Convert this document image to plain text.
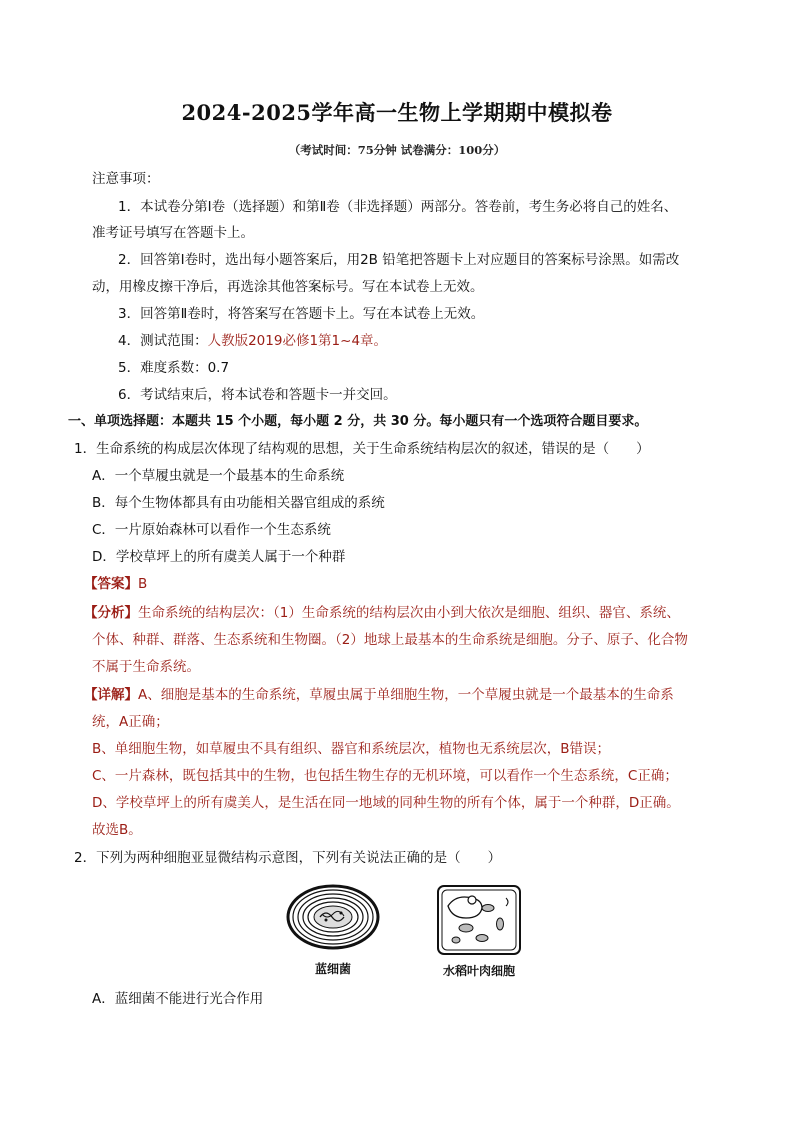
2024-2025学年高一生物上学期期中模拟卷
（考试时间：75分钟 试卷满分：100分）
注意事项：
1．本试卷分第Ⅰ卷（选择题）和第Ⅱ卷（非选择题）两部分。答卷前，考生务必将自己的姓名、
准考证号填写在答题卡上。
2．回答第Ⅰ卷时，选出每小题答案后，用2B 铅笔把答题卡上对应题目的答案标号涂黑。如需改
动，用橡皮擦干净后，再选涂其他答案标号。写在本试卷上无效。
3．回答第Ⅱ卷时，将答案写在答题卡上。写在本试卷上无效。
4．测试范围：人教版2019必修1第1~4章。
5．难度系数：0.7
6．考试结束后，将本试卷和答题卡一并交回。
一、单项选择题：本题共 15 个小题，每小题 2 分，共 30 分。每小题只有一个选项符合题目要求。
1．生命系统的构成层次体现了结构观的思想，关于生命系统结构层次的叙述，错误的是（　　）
A．一个草履虫就是一个最基本的生命系统
B．每个生物体都具有由功能相关器官组成的系统
C．一片原始森林可以看作一个生态系统
D．学校草坪上的所有虞美人属于一个种群
【答案】B
【分析】生命系统的结构层次：（1）生命系统的结构层次由小到大依次是细胞、组织、器官、系统、
个体、种群、群落、生态系统和生物圈。（2）地球上最基本的生命系统是细胞。分子、原子、化合物
不属于生命系统。
【详解】A、细胞是基本的生命系统，草履虫属于单细胞生物，一个草履虫就是一个最基本的生命系
统，A正确；
B、单细胞生物，如草履虫不具有组织、器官和系统层次，植物也无系统层次，B错误；
C、一片森林，既包括其中的生物，也包括生物生存的无机环境，可以看作一个生态系统，C正确；
D、学校草坪上的所有虞美人，是生活在同一地域的同种生物的所有个体，属于一个种群，D正确。
故选B。
2．下列为两种细胞亚显微结构示意图，下列有关说法正确的是（　　）
蓝细菌	水稻叶肉细胞
A．蓝细菌不能进行光合作用
